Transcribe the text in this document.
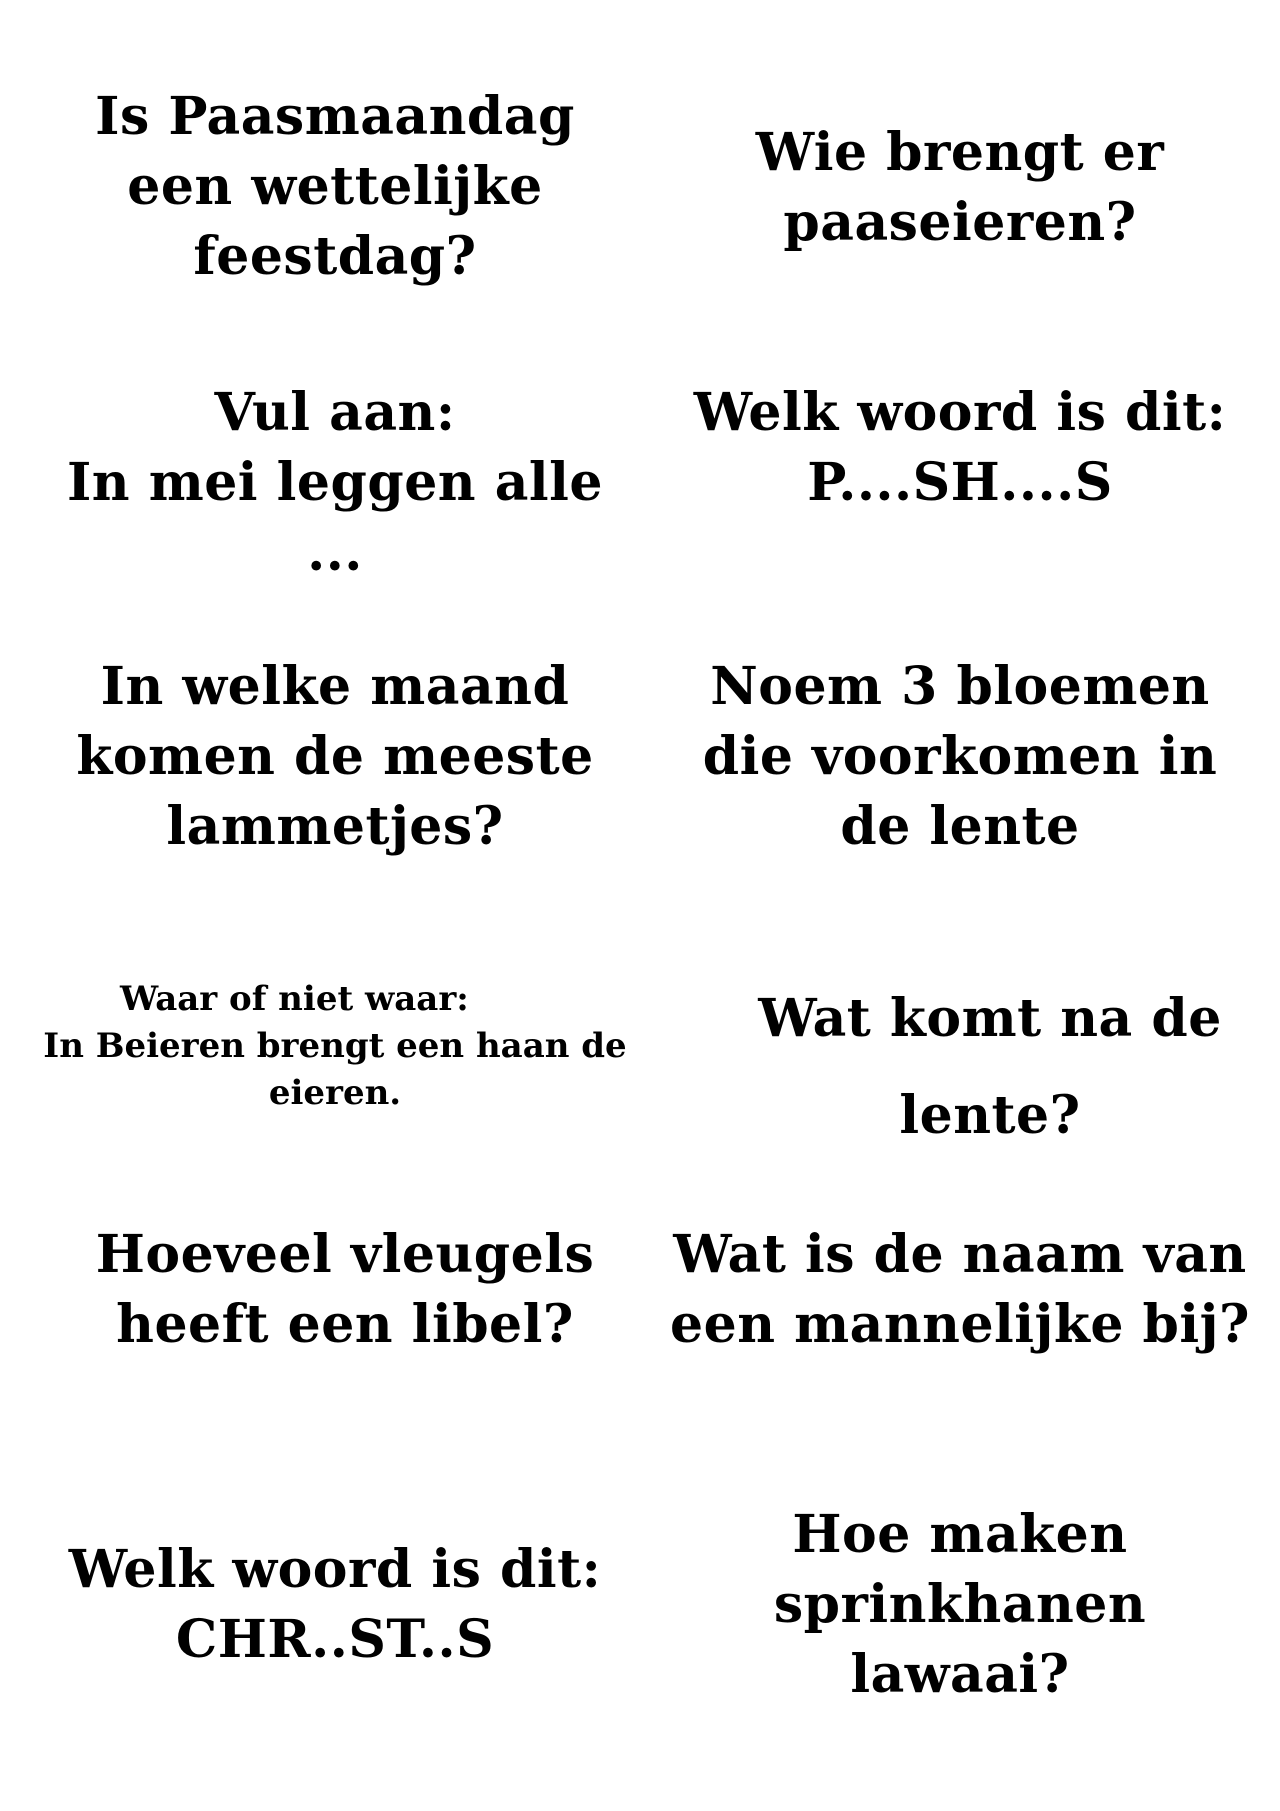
Is Paasmaandag
een wettelijke
feestdag?
Wie brengt er
paaseieren?
Vul aan:
In mei leggen alle
...
Welk woord is dit:
P....SH....S
In welke maand
komen de meeste
lammetjes?
Noem 3 bloemen
die voorkomen in
de lente
Waar of niet waar:
In Beieren brengt een haan de
eieren.
Wat komt na de
lente?
Hoeveel vleugels
heeft een libel?
Wat is de naam van
een mannelijke bij?
Welk woord is dit:
CHR..ST..S
Hoe maken
sprinkhanen
lawaai?
